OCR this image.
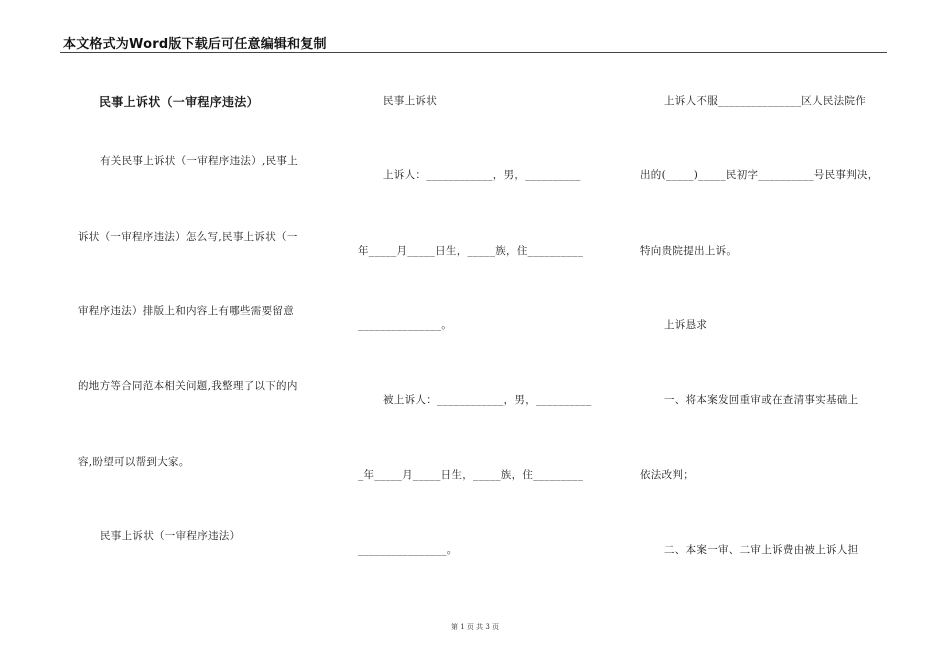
本文格式为Word版下载后可任意编辑和复制
民事上诉状（一审程序违法）
有关民事上诉状（一审程序违法）,民事上
诉状（一审程序违法）怎么写,民事上诉状（一
审程序违法）排版上和内容上有哪些需要留意
的地方等合同范本相关问题,我整理了以下的内
容,盼望可以帮到大家。
民事上诉状（一审程序违法）
民事上诉状
上诉人：____________，男，__________
年_____月_____日生，_____族，住__________
_______________。
被上诉人：____________，男，__________
_年_____月_____日生，_____族，住_________
________________。
上诉人不服_______________区人民法院作
出的(_____)_____民初字__________号民事判决，
特向贵院提出上诉。
上诉恳求
一、将本案发回重审或在查清事实基础上
依法改判；
二、本案一审、二审上诉费由被上诉人担
第 1 页 共 3 页
